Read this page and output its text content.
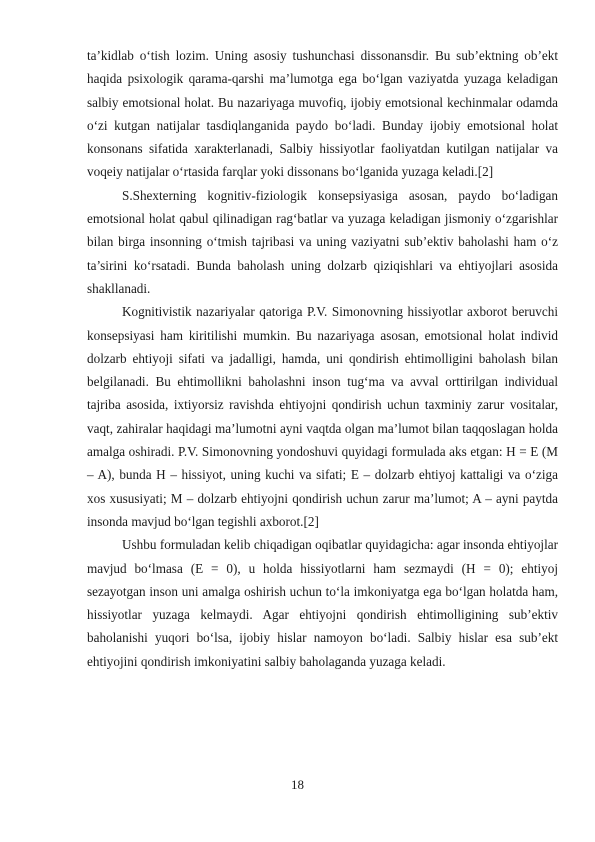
ta’kidlab o‘tish lozim. Uning asosiy tushunchasi dissonansdir. Bu sub’ektning ob’ekt haqida psixologik qarama-qarshi ma’lumotga ega bo‘lgan vaziyatda yuzaga keladigan salbiy emotsional holat. Bu nazariyaga muvofiq, ijobiy emotsional kechinmalar odamda o‘zi kutgan natijalar tasdiqlanganida paydo bo‘ladi. Bunday ijobiy emotsional holat konsonans sifatida xarakterlanadi, Salbiy hissiyotlar faoliyatdan kutilgan natijalar va voqeiy natijalar o‘rtasida farqlar yoki dissonans bo‘lganida yuzaga keladi.[2]

S.Shexterning kognitiv-fiziologik konsepsiyasiga asosan, paydo bo‘ladigan emotsional holat qabul qilinadigan rag‘batlar va yuzaga keladigan jismoniy o‘zgarishlar bilan birga insonning o‘tmish tajribasi va uning vaziyatni sub’ektiv baholashi ham o‘z ta’sirini ko‘rsatadi. Bunda baholash uning dolzarb qiziqishlari va ehtiyojlari asosida shakllanadi.

Kognitivistik nazariyalar qatoriga P.V. Simonovning hissiyotlar axborot beruvchi konsepsiyasi ham kiritilishi mumkin. Bu nazariyaga asosan, emotsional holat individ dolzarb ehtiyoji sifati va jadalligi, hamda, uni qondirish ehtimolligini baholash bilan belgilanadi. Bu ehtimollikni baholashni inson tug‘ma va avval orttirilgan individual tajriba asosida, ixtiyorsiz ravishda ehtiyojni qondirish uchun taxminiy zarur vositalar, vaqt, zahiralar haqidagi ma’lumotni ayni vaqtda olgan ma’lumot bilan taqqoslagan holda amalga oshiradi. P.V. Simonovning yondoshuvi quyidagi formulada aks etgan: H = E (M – A), bunda H – hissiyot, uning kuchi va sifati; E – dolzarb ehtiyoj kattaligi va o‘ziga xos xususiyati; M – dolzarb ehtiyojni qondirish uchun zarur ma’lumot; A – ayni paytda insonda mavjud bo‘lgan tegishli axborot.[2]

Ushbu formuladan kelib chiqadigan oqibatlar quyidagicha: agar insonda ehtiyojlar mavjud bo‘lmasa (E = 0), u holda hissiyotlarni ham sezmaydi (H = 0); ehtiyoj sezayotgan inson uni amalga oshirish uchun to‘la imkoniyatga ega bo‘lgan holatda ham, hissiyotlar yuzaga kelmaydi. Agar ehtiyojni qondirish ehtimolligining sub’ektiv baholanishi yuqori bo‘lsa, ijobiy hislar namoyon bo‘ladi. Salbiy hislar esa sub’ekt ehtiyojini qondirish imkoniyatini salbiy baholaganda yuzaga keladi.

18
